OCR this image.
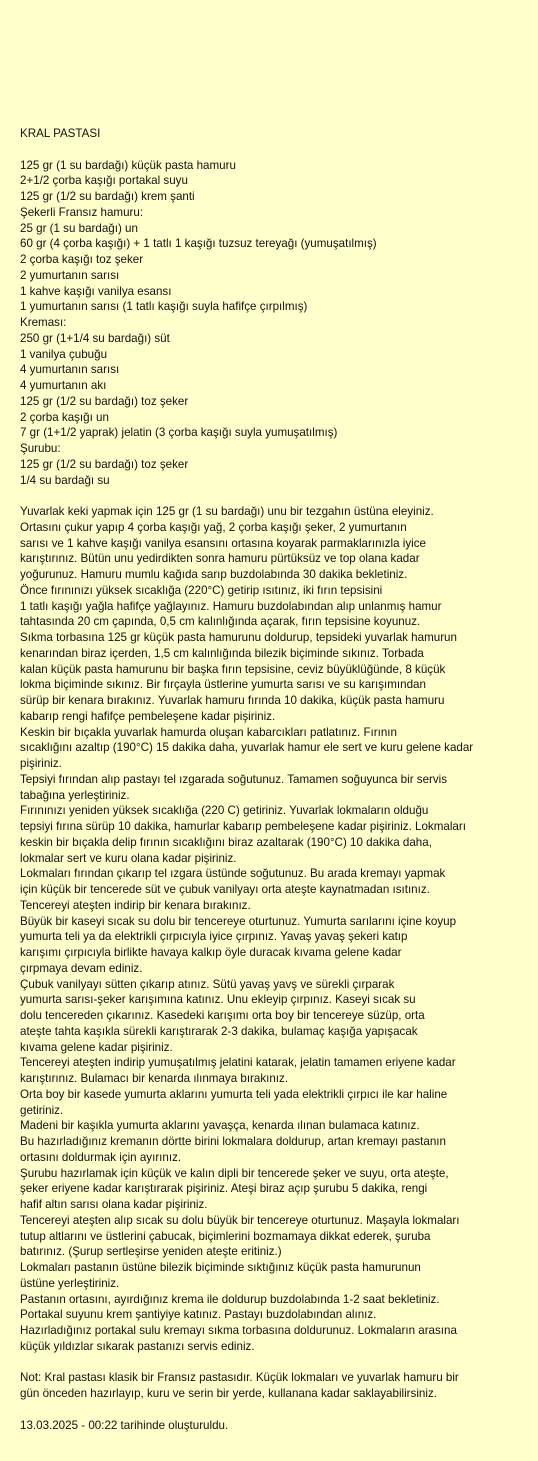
KRAL PASTASI
125 gr (1 su bardağı) küçük pasta hamuru
2+1/2 çorba kaşığı portakal suyu
125 gr (1/2 su bardağı) krem şanti
Şekerli Fransız hamuru:
25 gr (1 su bardağı) un
60 gr (4 çorba kaşığı) + 1 tatlı 1 kaşığı tuzsuz tereyağı (yumuşatılmış)
2 çorba kaşığı toz şeker
2 yumurtanın sarısı
1 kahve kaşığı vanilya esansı
1 yumurtanın sarısı (1 tatlı kaşığı suyla hafifçe çırpılmış)
Kreması:
250 gr (1+1/4 su bardağı) süt
1 vanilya çubuğu
4 yumurtanın sarısı
4 yumurtanın akı
125 gr (1/2 su bardağı) toz şeker
2 çorba kaşığı un
7 gr (1+1/2 yaprak) jelatin (3 çorba kaşığı suyla yumuşatılmış)
Şurubu:
125 gr (1/2 su bardağı) toz şeker
1/4 su bardağı su
Yuvarlak keki yapmak için 125 gr (1 su bardağı) unu bir tezgahın üstüna eleyiniz.
Ortasını çukur yapıp 4 çorba kaşığı yağ, 2 çorba kaşığı şeker, 2 yumurtanın
sarısı ve 1 kahve kaşığı vanilya esansını ortasına koyarak parmaklarınızla iyice
karıştırınız. Bütün unu yedirdikten sonra hamuru pürtüksüz ve top olana kadar
yoğurunuz. Hamuru mumlu kağıda sarıp buzdolabında 30 dakika bekletiniz.
Önce fırınınızı yüksek sıcaklığa (220°C) getirip ısıtınız, iki fırın tepsisini
1 tatlı kaşığı yağla hafifçe yağlayınız. Hamuru buzdolabından alıp unlanmış hamur
tahtasında 20 cm çapında, 0,5 cm kalınlığında açarak, fırın tepsisine koyunuz.
Sıkma torbasına 125 gr küçük pasta hamurunu doldurup, tepsideki yuvarlak hamurun
kenarından biraz içerden, 1,5 cm kalınlığında bilezik biçiminde sıkınız. Torbada
kalan küçük pasta hamurunu bir başka fırın tepsisine, ceviz büyüklüğünde, 8 küçük
lokma biçiminde sıkınız. Bir fırçayla üstlerine yumurta sarısı ve su karışımından
sürüp bir kenara bırakınız. Yuvarlak hamuru fırında 10 dakika, küçük pasta hamuru
kabarıp rengi hafifçe pembeleşene kadar pişiriniz.
Keskin bir bıçakla yuvarlak hamurda oluşan kabarcıkları patlatınız. Fırının
sıcaklığını azaltıp (190°C) 15 dakika daha, yuvarlak hamur ele sert ve kuru gelene kadar
pişiriniz.
Tepsiyi fırından alıp pastayı tel ızgarada soğutunuz. Tamamen soğuyunca bir servis
tabağına yerleştiriniz.
Fırınınızı yeniden yüksek sıcaklığa (220 C) getiriniz. Yuvarlak lokmaların olduğu
tepsiyi fırına sürüp 10 dakika, hamurlar kabarıp pembeleşene kadar pişiriniz. Lokmaları
keskin bir bıçakla delip fırının sıcaklığını biraz azaltarak (190°C) 10 dakika daha,
lokmalar sert ve kuru olana kadar pişiriniz.
Lokmaları fırından çıkarıp tel ızgara üstünde soğutunuz. Bu arada kremayı yapmak
için küçük bir tencerede süt ve çubuk vanilyayı orta ateşte kaynatmadan ısıtınız.
Tencereyi ateşten indirip bir kenara bırakınız.
Büyük bir kaseyi sıcak su dolu bir tencereye oturtunuz. Yumurta sarılarını içine koyup
yumurta teli ya da elektrikli çırpıcıyla iyice çırpınız. Yavaş yavaş şekeri katıp
karışımı çırpıcıyla birlikte havaya kalkıp öyle duracak kıvama gelene kadar
çırpmaya devam ediniz.
Çubuk vanilyayı sütten çıkarıp atınız. Sütü yavaş yavş ve sürekli çırparak
yumurta sarısı-şeker karışımına katınız. Unu ekleyip çırpınız. Kaseyi sıcak su
dolu tencereden çıkarınız. Kasedeki karışımı orta boy bir tencereye süzüp, orta
ateşte tahta kaşıkla sürekli karıştırarak 2-3 dakika, bulamaç kaşığa yapışacak
kıvama gelene kadar pişiriniz.
Tencereyi ateşten indirip yumuşatılmış jelatini katarak, jelatin tamamen eriyene kadar
karıştırınız. Bulamacı bir kenarda ılınmaya bırakınız.
Orta boy bir kasede yumurta aklarını yumurta teli yada elektrikli çırpıcı ile kar haline
getiriniz.
Madeni bir kaşıkla yumurta aklarını yavaşça, kenarda ılınan bulamaca katınız.
Bu hazırladığınız kremanın dörtte birini lokmalara doldurup, artan kremayı pastanın
ortasını doldurmak için ayırınız.
Şurubu hazırlamak için küçük ve kalın dipli bir tencerede şeker ve suyu, orta ateşte,
şeker eriyene kadar karıştırarak pişiriniz. Ateşi biraz açıp şurubu 5 dakika, rengi
hafif altın sarısı olana kadar pişiriniz.
Tencereyi ateşten alıp sıcak su dolu büyük bir tencereye oturtunuz. Maşayla lokmaları
tutup altlarını ve üstlerini çabucak, biçimlerini bozmamaya dikkat ederek, şuruba
batırınız. (Şurup sertleşirse yeniden ateşte eritiniz.)
Lokmaları pastanın üstüne bilezik biçiminde sıktığınız küçük pasta hamurunun
üstüne yerleştiriniz.
Pastanın ortasını, ayırdığınız krema ile doldurup buzdolabında 1-2 saat bekletiniz.
Portakal suyunu krem şantiyiye katınız. Pastayı buzdolabından alınız.
Hazırladığınız portakal sulu kremayı sıkma torbasına doldurunuz. Lokmaların arasına
küçük yıldızlar sıkarak pastanızı servis ediniz.
Not: Kral pastası klasik bir Fransız pastasıdır. Küçük lokmaları ve yuvarlak hamuru bir
gün önceden hazırlayıp, kuru ve serin bir yerde, kullanana kadar saklayabilirsiniz.
13.03.2025 - 00:22 tarihinde oluşturuldu.
